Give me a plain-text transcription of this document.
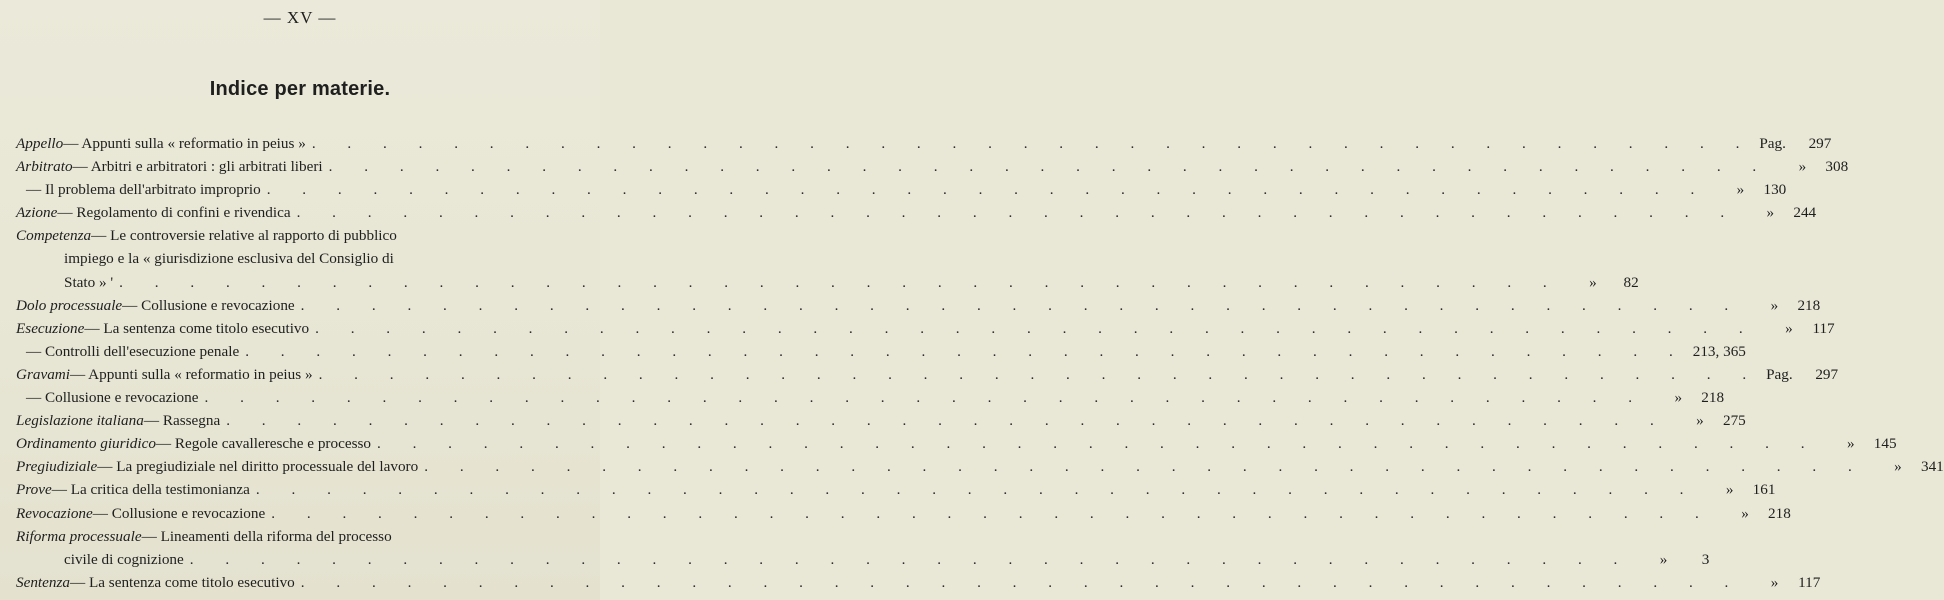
— XV —
Indice per materie.
Appello — Appunti sulla « reformatio in peius » . . . . . . . . . . . . . . . . . . . . . . . . . . . . . . . . . . . . . . . . . Pag.	297
Arbitrato — Arbitri e arbitratori : gli arbitrati liberi . . . . . . . . . . . . . . . . . . . . . . . . . . . . . . . . . . . . . . . . .	»	308
— Il problema dell'arbitrato improprio . . . . . . . . . . . . . . . . . . . . . . . . . . . . . . . . . . . . . . . . .	»	130
Azione — Regolamento di confini e rivendica . . . . . . . . . . . . . . . . . . . . . . . . . . . . . . . . . . . . . . . . .	»	244
Competenza — Le controversie relative al rapporto di pubblico
impiego e la « giurisdizione esclusiva del Consiglio di
Stato » ' . . . . . . . . . . . . . . . . . . . . . . . . . . . . . . . . . . . . . . . . .	»	82
Dolo processuale — Collusione e revocazione . . . . . . . . . . . . . . . . . . . . . . . . . . . . . . . . . . . . . . . . .	»	218
Esecuzione — La sentenza come titolo esecutivo . . . . . . . . . . . . . . . . . . . . . . . . . . . . . . . . . . . . . . . . .	»	117
— Controlli dell'esecuzione penale . . . . . . . . . . . . . . . . . . . . . . . . . . . . . . . . . . . . . . . . . 213, 365
Gravami — Appunti sulla « reformatio in peius » . . . . . . . . . . . . . . . . . . . . . . . . . . . . . . . . . . . . . . . . . Pag.	297
— Collusione e revocazione . . . . . . . . . . . . . . . . . . . . . . . . . . . . . . . . . . . . . . . . .	»	218
Legislazione italiana — Rassegna . . . . . . . . . . . . . . . . . . . . . . . . . . . . . . . . . . . . . . . . .	»	275
Ordinamento giuridico — Regole cavalleresche e processo . . . . . . . . . . . . . . . . . . . . . . . . . . . . . . . . . . . . . . . . .	»	145
Pregiudiziale — La pregiudiziale nel diritto processuale del lavoro . . . . . . . . . . . . . . . . . . . . . . . . . . . . . . . . . . . . . . . . .	»	341
Prove — La critica della testimonianza . . . . . . . . . . . . . . . . . . . . . . . . . . . . . . . . . . . . . . . . .	»	161
Revocazione — Collusione e revocazione . . . . . . . . . . . . . . . . . . . . . . . . . . . . . . . . . . . . . . . . .	»	218
Riforma processuale — Lineamenti della riforma del processo
civile di cognizione . . . . . . . . . . . . . . . . . . . . . . . . . . . . . . . . . . . . . . . . .	»	3
Sentenza — La sentenza come titolo esecutivo . . . . . . . . . . . . . . . . . . . . . . . . . . . . . . . . . . . . . . . . .	»	117
